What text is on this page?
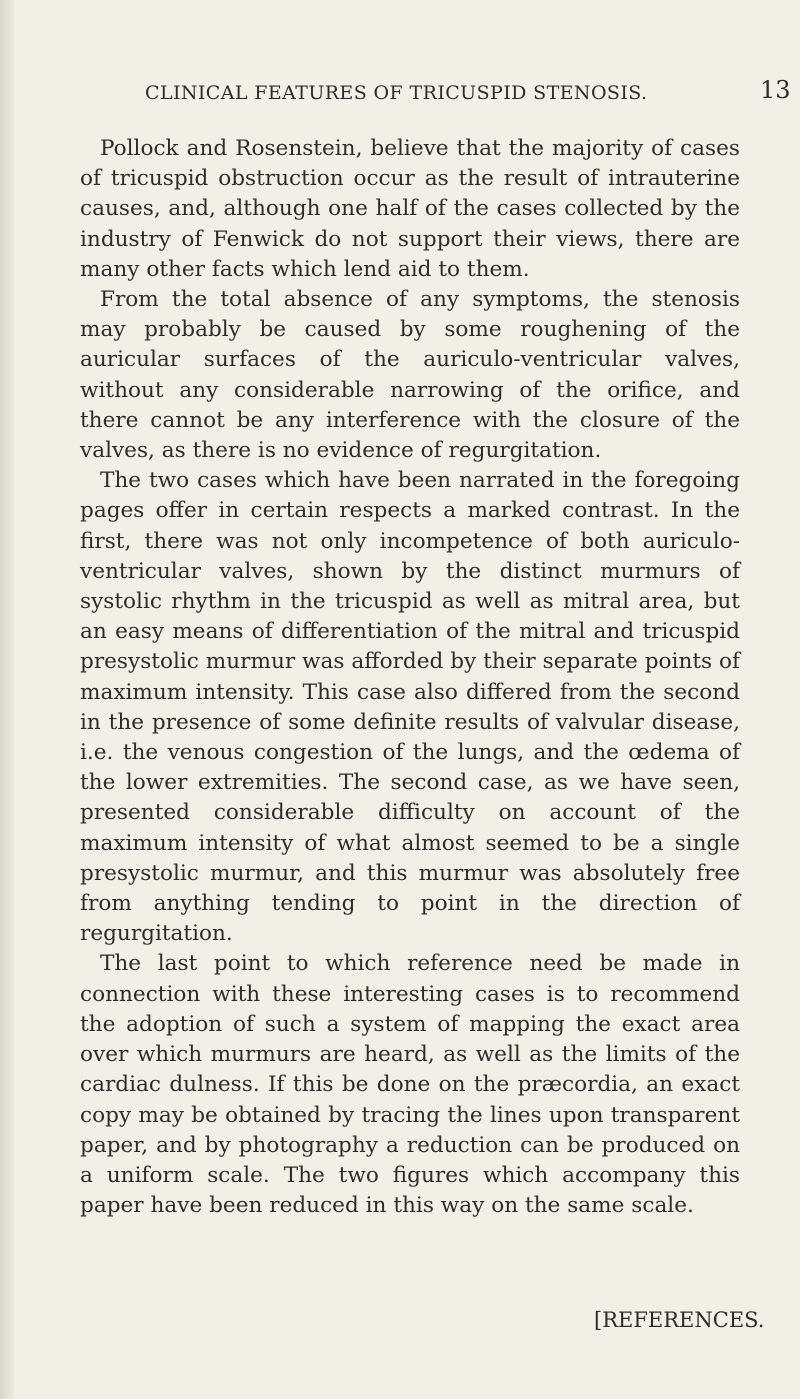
CLINICAL FEATURES OF TRICUSPID STENOSIS.	13

Pollock and Rosenstein, believe that the majority of cases of tricuspid obstruction occur as the result of intrauterine causes, and, although one half of the cases collected by the industry of Fenwick do not support their views, there are many other facts which lend aid to them.

From the total absence of any symptoms, the stenosis may probably be caused by some roughening of the auricular surfaces of the auriculo-ventricular valves, without any considerable narrowing of the orifice, and there cannot be any interference with the closure of the valves, as there is no evidence of regurgitation.

The two cases which have been narrated in the foregoing pages offer in certain respects a marked contrast. In the first, there was not only incompetence of both auriculo-ventricular valves, shown by the distinct murmurs of systolic rhythm in the tricuspid as well as mitral area, but an easy means of differentiation of the mitral and tricuspid presystolic murmur was afforded by their separate points of maximum intensity. This case also differed from the second in the presence of some definite results of valvular disease, i.e. the venous congestion of the lungs, and the œdema of the lower extremities. The second case, as we have seen, presented considerable difficulty on account of the maximum intensity of what almost seemed to be a single presystolic murmur, and this murmur was absolutely free from anything tending to point in the direction of regurgitation.

The last point to which reference need be made in connection with these interesting cases is to recommend the adoption of such a system of mapping the exact area over which murmurs are heard, as well as the limits of the cardiac dulness. If this be done on the præcordia, an exact copy may be obtained by tracing the lines upon transparent paper, and by photography a reduction can be produced on a uniform scale. The two figures which accompany this paper have been reduced in this way on the same scale.

[REFERENCES.
